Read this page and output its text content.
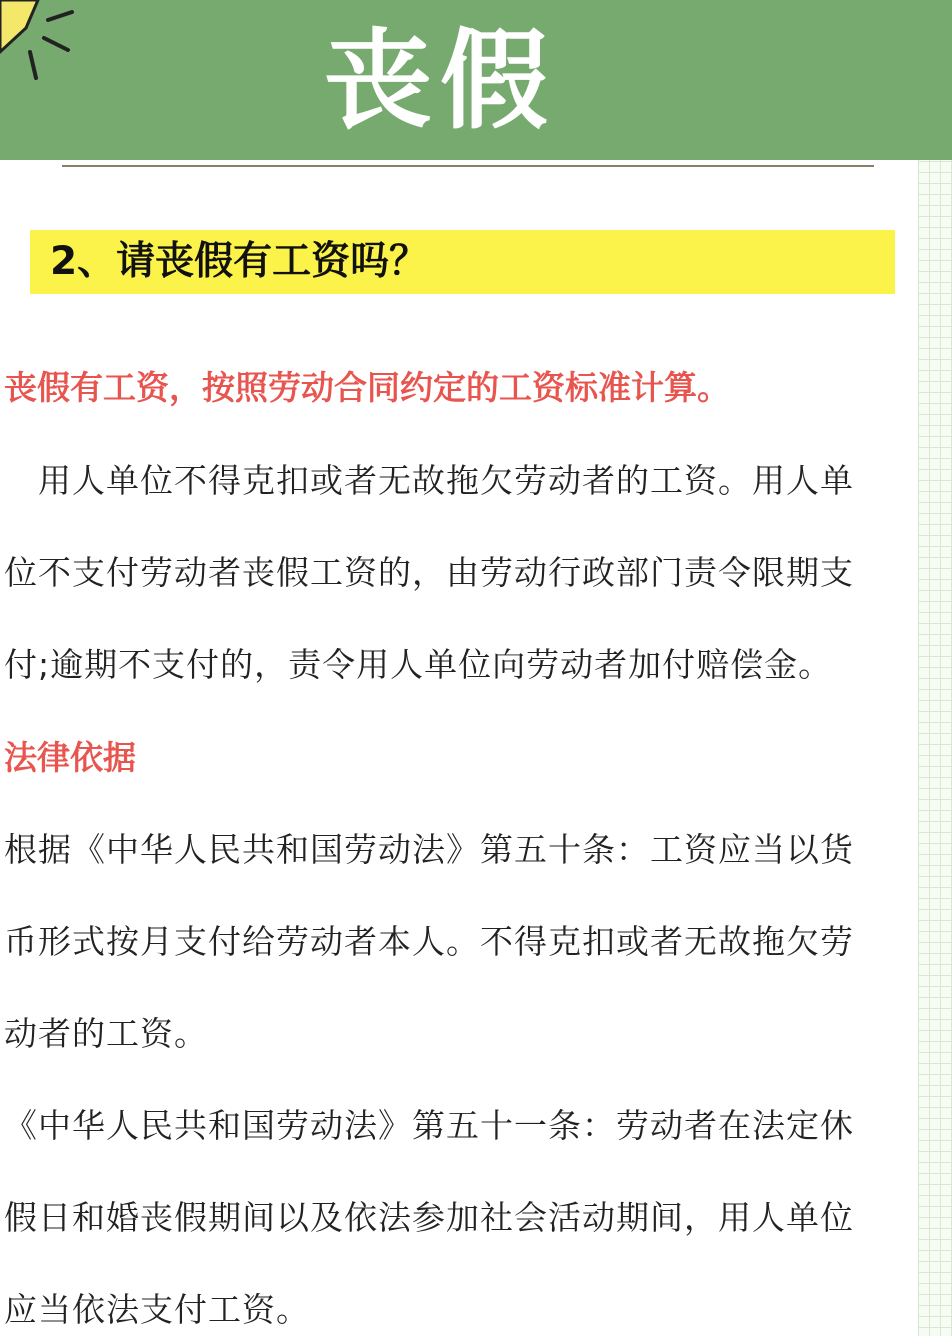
丧假
2、请丧假有工资吗？
丧假有工资，按照劳动合同约定的工资标准计算。
　用人单位不得克扣或者无故拖欠劳动者的工资。用人单
位不支付劳动者丧假工资的，由劳动行政部门责令限期支
付;逾期不支付的，责令用人单位向劳动者加付赔偿金。
法律依据
根据《中华人民共和国劳动法》第五十条：工资应当以货
币形式按月支付给劳动者本人。不得克扣或者无故拖欠劳
动者的工资。
《中华人民共和国劳动法》第五十一条：劳动者在法定休
假日和婚丧假期间以及依法参加社会活动期间，用人单位
应当依法支付工资。
